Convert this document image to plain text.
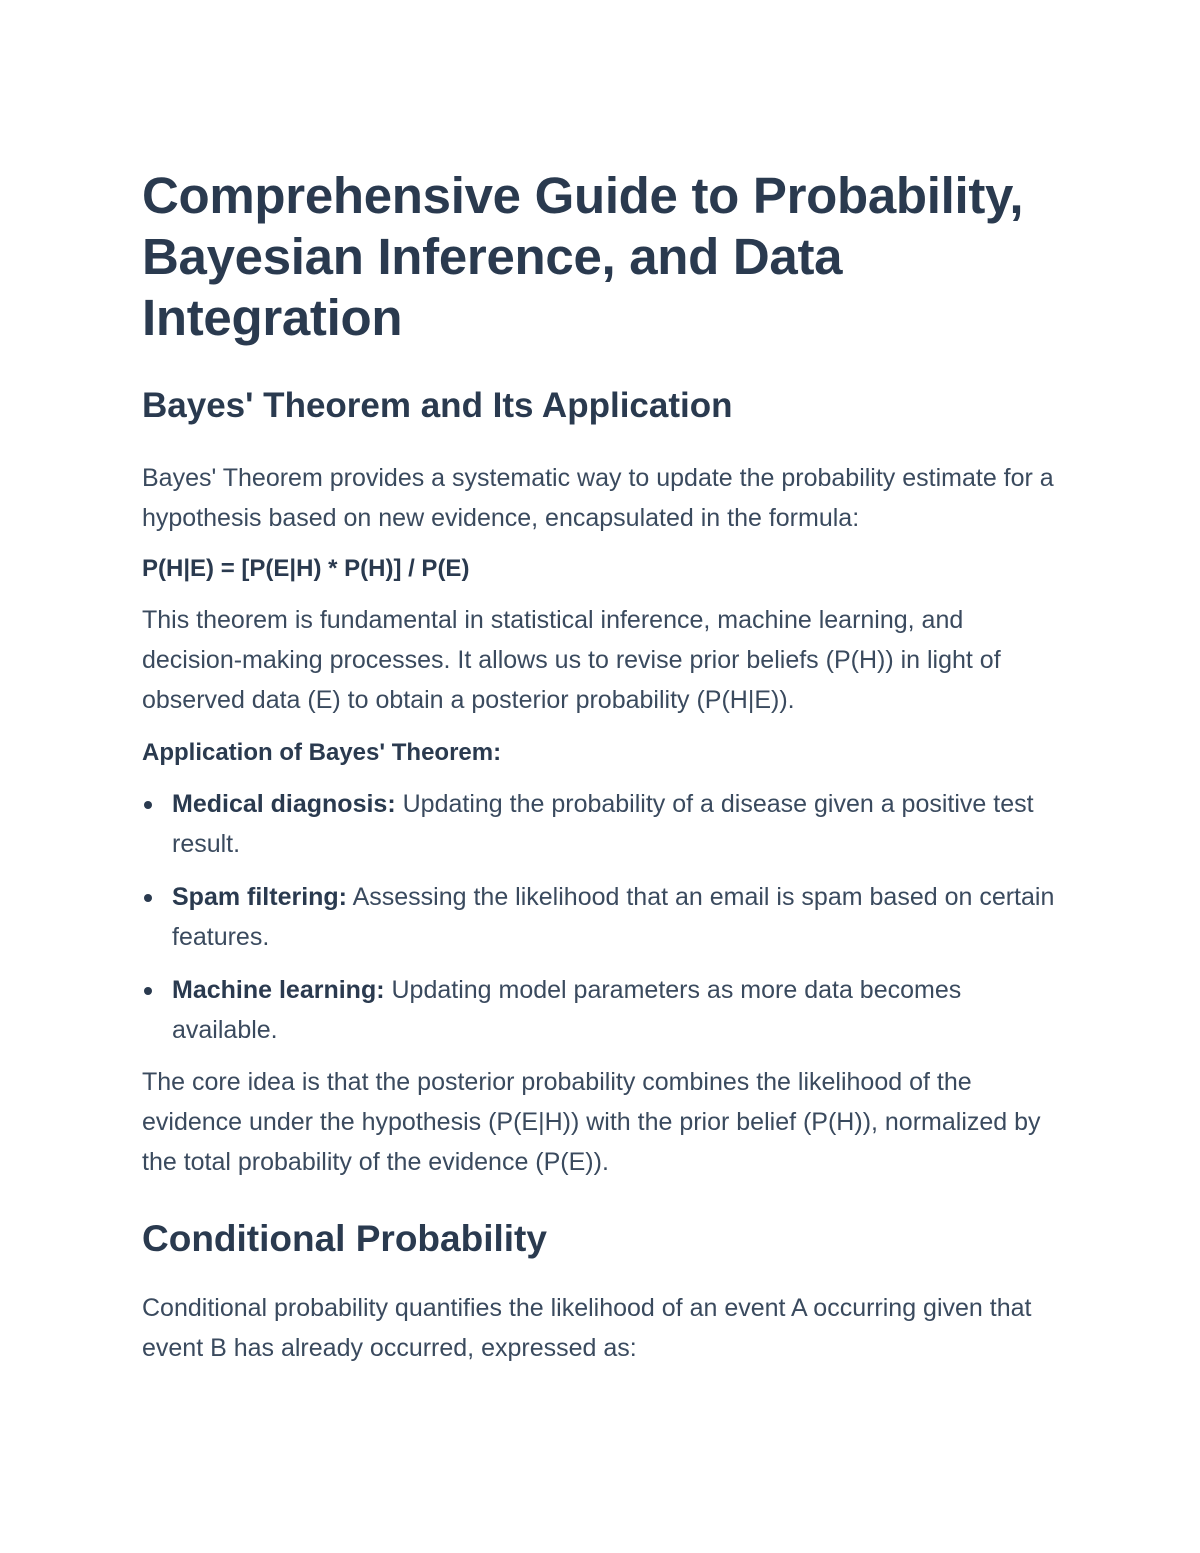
Comprehensive Guide to Probability, Bayesian Inference, and Data Integration
Bayes' Theorem and Its Application

Bayes' Theorem provides a systematic way to update the probability estimate for a hypothesis based on new evidence, encapsulated in the formula:

P(H|E) = [P(E|H) * P(H)] / P(E)

This theorem is fundamental in statistical inference, machine learning, and decision-making processes. It allows us to revise prior beliefs (P(H)) in light of observed data (E) to obtain a posterior probability (P(H|E)).

Application of Bayes' Theorem:

Medical diagnosis: Updating the probability of a disease given a positive test result.
Spam filtering: Assessing the likelihood that an email is spam based on certain features.
Machine learning: Updating model parameters as more data becomes available.

The core idea is that the posterior probability combines the likelihood of the evidence under the hypothesis (P(E|H)) with the prior belief (P(H)), normalized by the total probability of the evidence (P(E)).

Conditional Probability

Conditional probability quantifies the likelihood of an event A occurring given that event B has already occurred, expressed as:
